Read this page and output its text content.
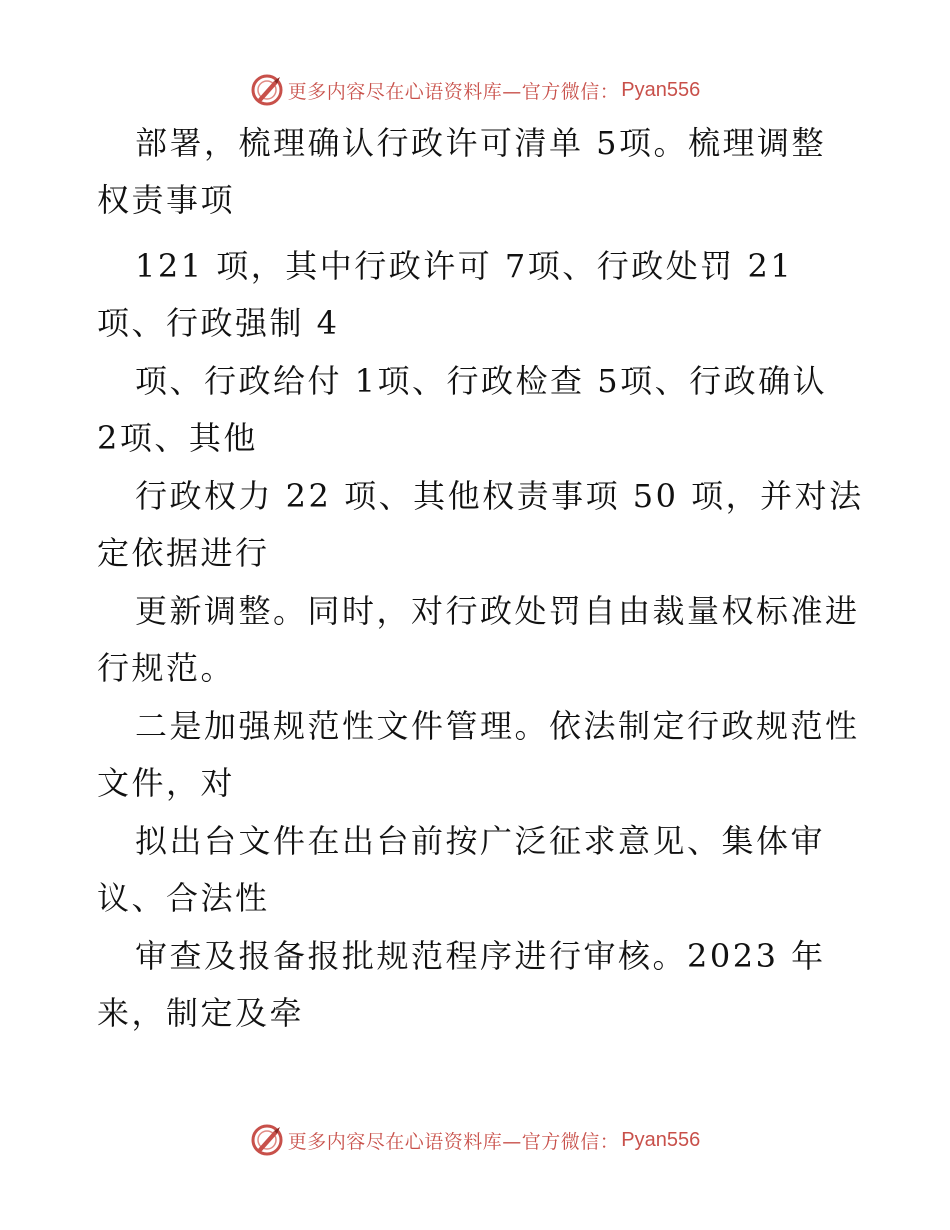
更多内容尽在心语资料库—官方微信： Pyan556
部署，梳理确认行政许可清单 5项。梳理调整
权责事项
121 项，其中行政许可 7项、行政处罚 21
项、行政强制 4
项、行政给付 1项、行政检查 5项、行政确认
2项、其他
行政权力 22 项、其他权责事项 50 项，并对法
定依据进行
更新调整。同时，对行政处罚自由裁量权标准进
行规范。
二是加强规范性文件管理。依法制定行政规范性
文件，对
拟出台文件在出台前按广泛征求意见、集体审
议、合法性
审查及报备报批规范程序进行审核。2023 年
来，制定及牵
更多内容尽在心语资料库—官方微信： Pyan556
